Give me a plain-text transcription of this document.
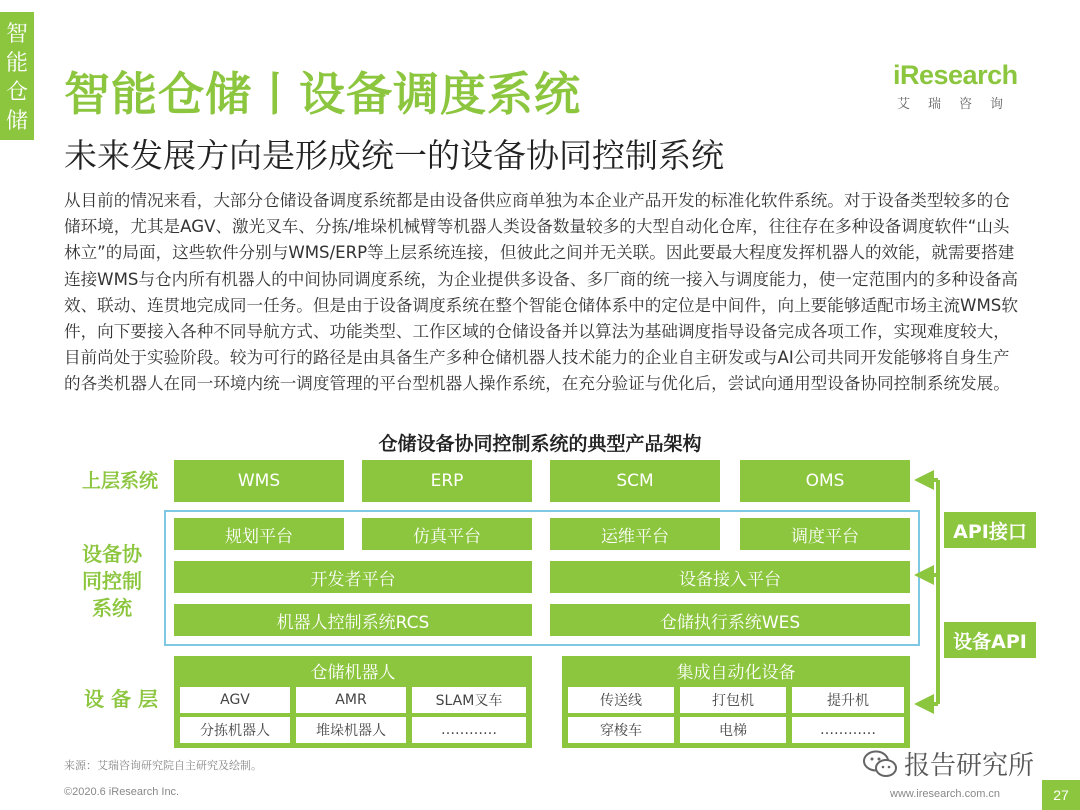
智
能
仓
储
智能仓储丨设备调度系统
未来发展方向是形成统一的设备协同控制系统
iResearch
艾瑞咨询

从目前的情况来看，大部分仓储设备调度系统都是由设备供应商单独为本企业产品开发的标准化软件系统。对于设备类型较多的仓储环境，尤其是AGV、激光叉车、分拣/堆垛机械臂等机器人类设备数量较多的大型自动化仓库，往往存在多种设备调度软件“山头林立”的局面，这些软件分别与WMS/ERP等上层系统连接，但彼此之间并无关联。因此要最大程度发挥机器人的效能，就需要搭建连接WMS与仓内所有机器人的中间协同调度系统，为企业提供多设备、多厂商的统一接入与调度能力，使一定范围内的多种设备高效、联动、连贯地完成同一任务。但是由于设备调度系统在整个智能仓储体系中的定位是中间件，向上要能够适配市场主流WMS软件，向下要接入各种不同导航方式、功能类型、工作区域的仓储设备并以算法为基础调度指导设备完成各项工作，实现难度较大，目前尚处于实验阶段。较为可行的路径是由具备生产多种仓储机器人技术能力的企业自主研发或与AI公司共同开发能够将自身生产的各类机器人在同一环境内统一调度管理的平台型机器人操作系统，在充分验证与优化后，尝试向通用型设备协同控制系统发展。

仓储设备协同控制系统的典型产品架构
上层系统
设备协同控制系统
设 备 层
WMS	ERP	SCM	OMS
规划平台	仿真平台	运维平台	调度平台
开发者平台	设备接入平台
机器人控制系统RCS	仓储执行系统WES
仓储机器人
AGV	AMR	SLAM叉车
分拣机器人	堆垛机器人	…………
集成自动化设备
传送线	打包机	提升机
穿梭车	电梯	…………
API接口
设备API
来源：艾瑞咨询研究院自主研究及绘制。
©2020.6 iResearch Inc.	www.iresearch.com.cn	27
报告研究所
